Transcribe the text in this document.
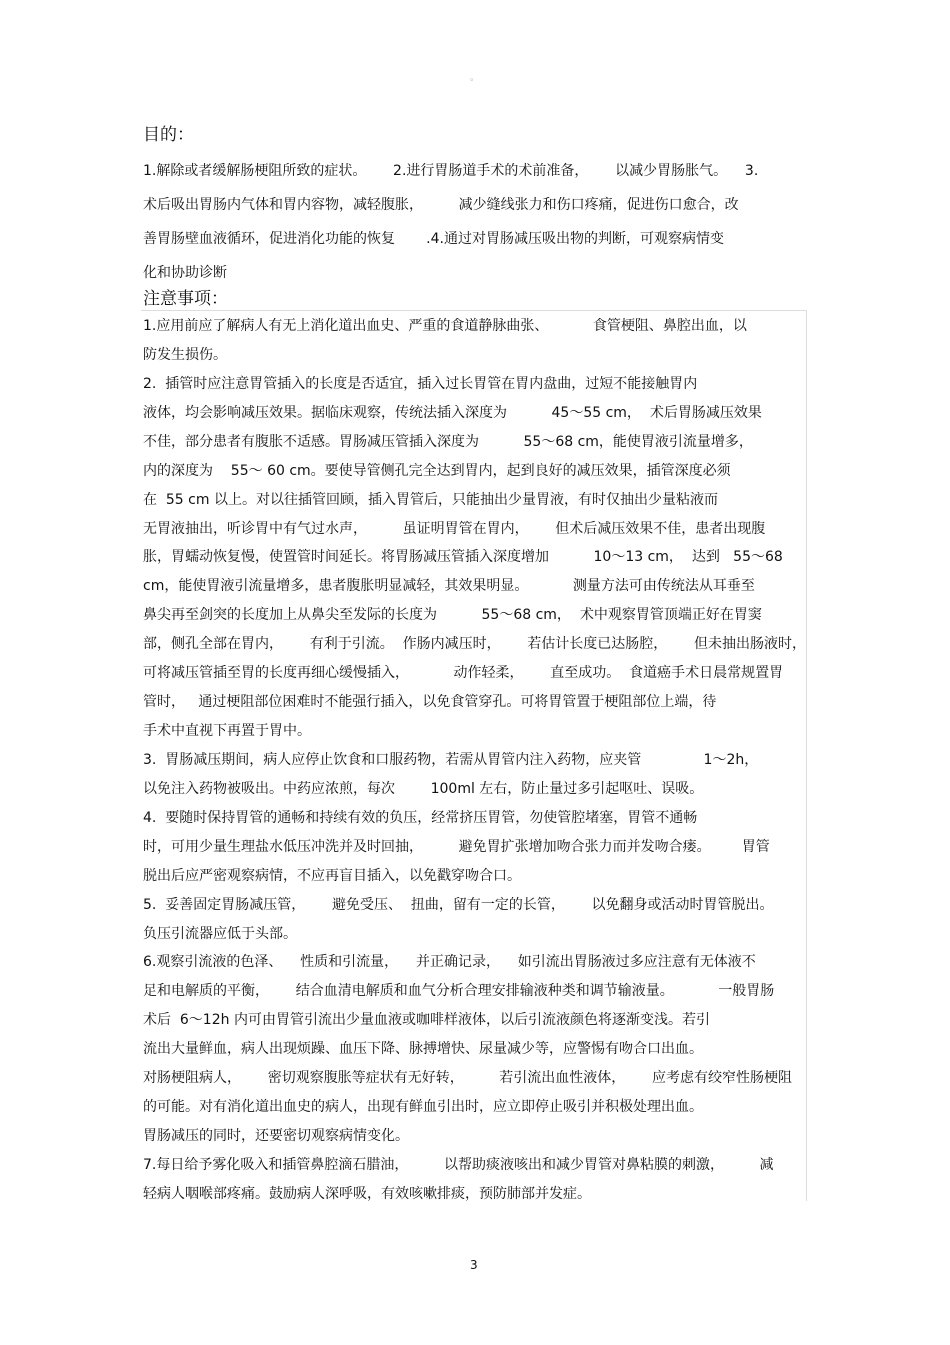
。
目的：
1.解除或者缓解肠梗阻所致的症状。      2.进行胃肠道手术的术前准备，      以减少胃肠胀气。    3.
术后吸出胃肠内气体和胃内容物，减轻腹胀，        减少缝线张力和伤口疼痛，促进伤口愈合，改
善胃肠壁血液循环，促进消化功能的恢复       .4.通过对胃肠减压吸出物的判断，可观察病情变
化和协助诊断
注意事项：
1.应用前应了解病人有无上消化道出血史、严重的食道静脉曲张、          食管梗阻、鼻腔出血，以
防发生损伤。
2.  插管时应注意胃管插入的长度是否适宜，插入过长胃管在胃内盘曲，过短不能接触胃内
液体，均会影响减压效果。据临床观察，传统法插入深度为          45～55 cm，  术后胃肠减压效果
不佳，部分患者有腹胀不适感。胃肠减压管插入深度为          55～68 cm，能使胃液引流量增多，
内的深度为    55～ 60 cm。要使导管侧孔完全达到胃内，起到良好的减压效果，插管深度必须
在  55 cm 以上。对以往插管回顾，插入胃管后，只能抽出少量胃液，有时仅抽出少量粘液而
无胃液抽出，听诊胃中有气过水声，        虽证明胃管在胃内，      但术后减压效果不佳，患者出现腹
胀，胃蠕动恢复慢，使置管时间延长。将胃肠减压管插入深度增加          10～13 cm，  达到   55～68
cm，能使胃液引流量增多，患者腹胀明显减轻，其效果明显。          测量方法可由传统法从耳垂至
鼻尖再至剑突的长度加上从鼻尖至发际的长度为          55～68 cm，  术中观察胃管顶端正好在胃窦
部，侧孔全部在胃内，      有利于引流。  作肠内减压时，      若估计长度已达肠腔，      但未抽出肠液时，
可将减压管插至胃的长度再细心缓慢插入，          动作轻柔，      直至成功。  食道癌手术日晨常规置胃
管时，   通过梗阻部位困难时不能强行插入，以免食管穿孔。可将胃管置于梗阻部位上端，待
手术中直视下再置于胃中。
3.  胃肠减压期间，病人应停止饮食和口服药物，若需从胃管内注入药物，应夹管              1～2h，
以免注入药物被吸出。中药应浓煎，每次        100ml 左右，防止量过多引起呕吐、误吸。
4.  要随时保持胃管的通畅和持续有效的负压，经常挤压胃管，勿使管腔堵塞，胃管不通畅
时，可用少量生理盐水低压冲洗并及时回抽，        避免胃扩张增加吻合张力而并发吻合瘘。       胃管
脱出后应严密观察病情，不应再盲目插入，以免戳穿吻合口。
5.  妥善固定胃肠减压管，      避免受压、  扭曲，留有一定的长管，      以免翻身或活动时胃管脱出。
负压引流器应低于头部。
6.观察引流液的色泽、    性质和引流量，    并正确记录，    如引流出胃肠液过多应注意有无体液不
足和电解质的平衡，      结合血清电解质和血气分析合理安排输液种类和调节输液量。          一般胃肠
术后  6～12h 内可由胃管引流出少量血液或咖啡样液体，以后引流液颜色将逐渐变浅。若引
流出大量鲜血，病人出现烦躁、血压下降、脉搏增快、尿量减少等，应警惕有吻合口出血。
对肠梗阻病人，      密切观察腹胀等症状有无好转，        若引流出血性液体，      应考虑有绞窄性肠梗阻
的可能。对有消化道出血史的病人，出现有鲜血引出时，应立即停止吸引并积极处理出血。
胃肠减压的同时，还要密切观察病情变化。
7.每日给予雾化吸入和插管鼻腔滴石腊油，        以帮助痰液咳出和减少胃管对鼻粘膜的刺激，        减
轻病人咽喉部疼痛。鼓励病人深呼吸，有效咳嗽排痰，预防肺部并发症。
3
